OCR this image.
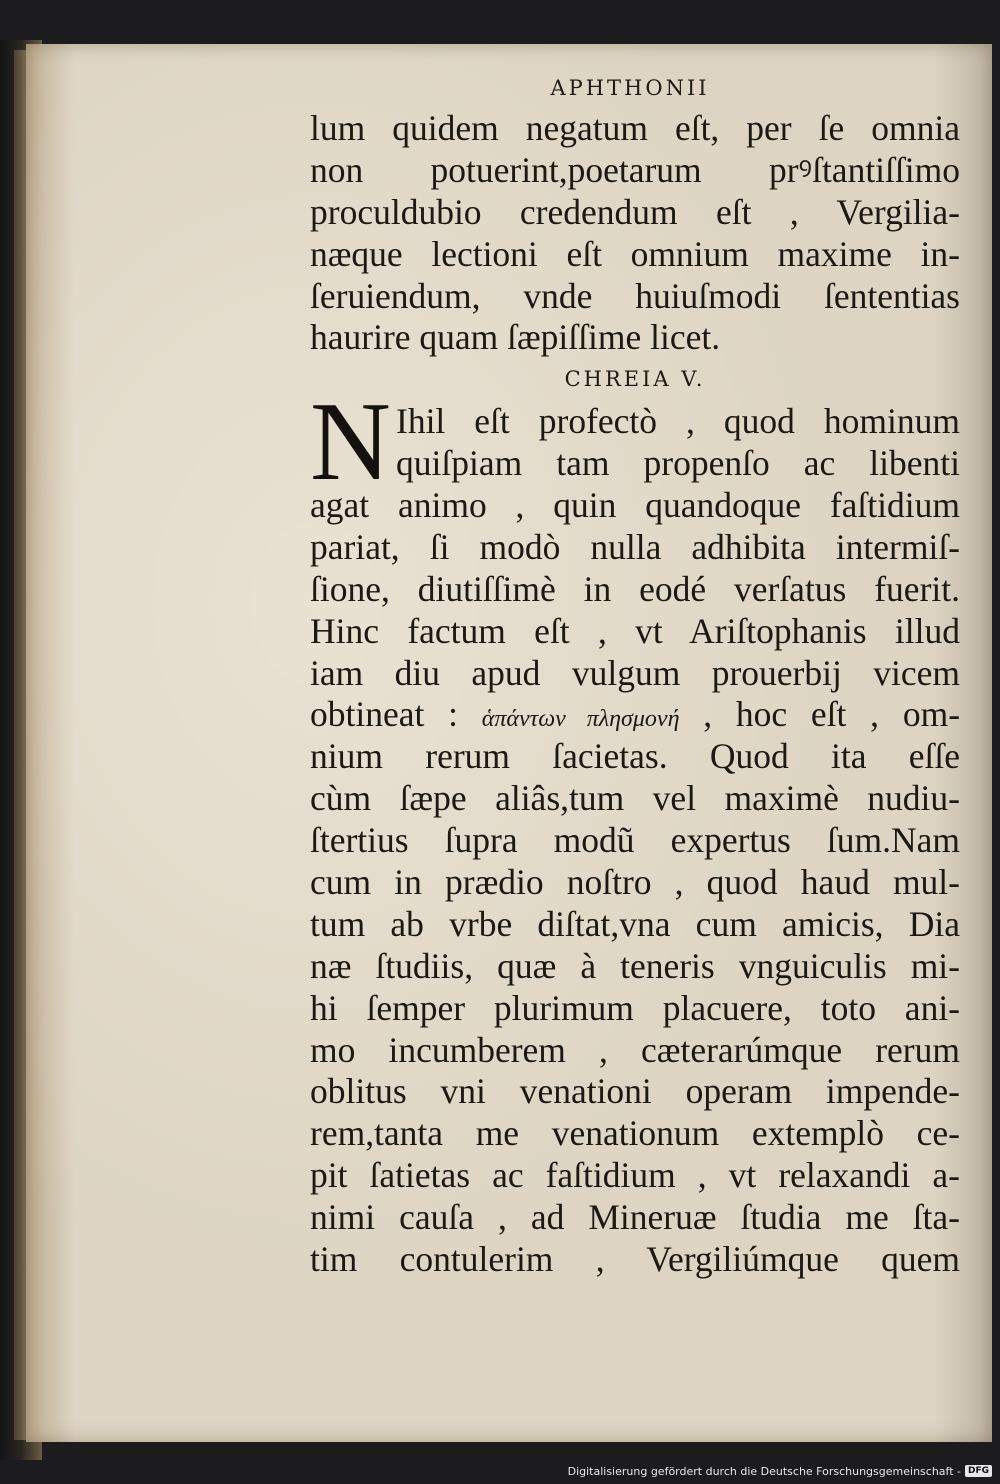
APHTHONII
lum quidem negatum eſt, per ſe omnia
non potuerint,poetarum prꝰſtantiſſimo
proculdubio credendum eſt , Vergilia-
næque lectioni eſt omnium maxime in-
ſeruiendum, vnde huiuſmodi ſententias
haurire quam ſæpiſſime licet.
CHREIA V.
N Ihil eſt profectò , quod hominum
quiſpiam tam propenſo ac libenti
agat animo , quin quandoque faſtidium
pariat, ſi modò nulla adhibita intermiſ-
ſione, diutiſſimè in eodé verſatus fuerit.
Hinc factum eſt , vt Ariſtophanis illud
iam diu apud vulgum prouerbij vicem
obtineat : ἁπάντων πλησμονή , hoc eſt , om-
nium rerum ſacietas. Quod ita eſſe
cùm ſæpe aliâs,tum vel maximè nudiu-
ſtertius ſupra modũ expertus ſum.Nam
cum in prædio noſtro , quod haud mul-
tum ab vrbe diſtat,vna cum amicis, Dia
næ ſtudiis, quæ à teneris vnguiculis mi-
hi ſemper plurimum placuere, toto ani-
mo incumberem , cæterarúmque rerum
oblitus vni venationi operam impende-
rem,tanta me venationum extemplò ce-
pit ſatietas ac faſtidium , vt relaxandi a-
nimi cauſa , ad Mineruæ ſtudia me ſta-
tim contulerim , Vergiliúmque quem
Digitalisierung gefördert durch die Deutsche Forschungsgemeinschaft - DFG
